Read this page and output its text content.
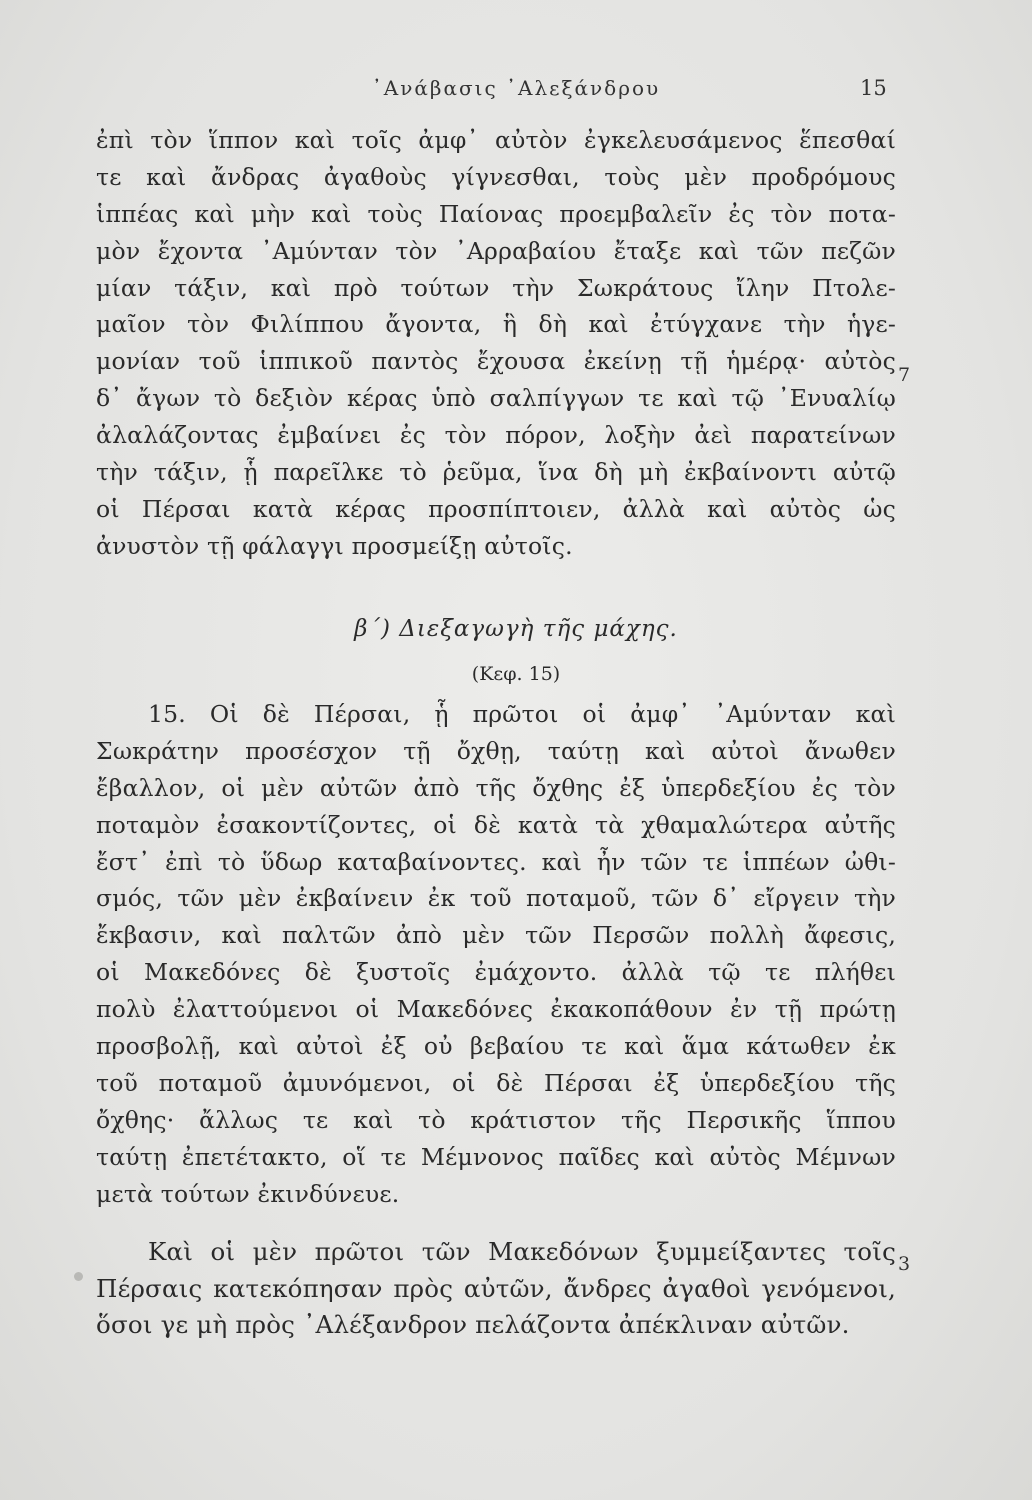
᾿Ανάβασις ᾿Αλεξάνδρου	15
ἐπὶ τὸν ἵππον καὶ τοῖς ἀμφ᾿ αὐτὸν ἐγκελευσάμενος ἕπεσθαί
τε καὶ ἄνδρας ἀγαθοὺς γίγνεσθαι, τοὺς μὲν προδρόμους
ἱππέας καὶ μὴν καὶ τοὺς Παίονας προεμβαλεῖν ἐς τὸν ποτα-
μὸν ἔχοντα ᾿Αμύνταν τὸν ᾿Αρραβαίου ἔταξε καὶ τῶν πεζῶν
μίαν τάξιν, καὶ πρὸ τούτων τὴν Σωκράτους ἴλην Πτολε-
μαῖον τὸν Φιλίππου ἄγοντα, ἣ δὴ καὶ ἐτύγχανε τὴν ἡγε-
μονίαν τοῦ ἱππικοῦ παντὸς ἔχουσα ἐκείνῃ τῇ ἡμέρᾳ· αὐτὸς
δ᾿ ἄγων τὸ δεξιὸν κέρας ὑπὸ σαλπίγγων τε καὶ τῷ ᾿Ενυαλίῳ
ἀλαλάζοντας ἐμβαίνει ἐς τὸν πόρον, λοξὴν ἀεὶ παρατείνων
τὴν τάξιν, ᾗ παρεῖλκε τὸ ῥεῦμα, ἵνα δὴ μὴ ἐκβαίνοντι αὐτῷ
οἱ Πέρσαι κατὰ κέρας προσπίπτοιεν, ἀλλὰ καὶ αὐτὸς ὡς
ἀνυστὸν τῇ φάλαγγι προσμείξῃ αὐτοῖς.
7
β΄) Διεξαγωγὴ τῆς μάχης.
(Κεφ. 15)
15. Οἱ δὲ Πέρσαι, ᾗ πρῶτοι οἱ ἀμφ᾿ ᾿Αμύνταν καὶ
Σωκράτην προσέσχον τῇ ὄχθῃ, ταύτῃ καὶ αὐτοὶ ἄνωθεν
ἔβαλλον, οἱ μὲν αὐτῶν ἀπὸ τῆς ὄχθης ἐξ ὑπερδεξίου ἐς τὸν
ποταμὸν ἐσακοντίζοντες, οἱ δὲ κατὰ τὰ χθαμαλώτερα αὐτῆς
ἔστ᾿ ἐπὶ τὸ ὕδωρ καταβαίνοντες. καὶ ἦν τῶν τε ἱππέων ὠθι-
σμός, τῶν μὲν ἐκβαίνειν ἐκ τοῦ ποταμοῦ, τῶν δ᾿ εἴργειν τὴν
ἔκβασιν, καὶ παλτῶν ἀπὸ μὲν τῶν Περσῶν πολλὴ ἄφεσις,
οἱ Μακεδόνες δὲ ξυστοῖς ἐμάχοντο. ἀλλὰ τῷ τε πλήθει
πολὺ ἐλαττούμενοι οἱ Μακεδόνες ἐκακοπάθουν ἐν τῇ πρώτῃ
προσβολῇ, καὶ αὐτοὶ ἐξ οὐ βεβαίου τε καὶ ἅμα κάτωθεν ἐκ
τοῦ ποταμοῦ ἀμυνόμενοι, οἱ δὲ Πέρσαι ἐξ ὑπερδεξίου τῆς
ὄχθης· ἄλλως τε καὶ τὸ κράτιστον τῆς Περσικῆς ἵππου
ταύτῃ ἐπετέτακτο, οἵ τε Μέμνονος παῖδες καὶ αὐτὸς Μέμνων
μετὰ τούτων ἐκινδύνευε.
Καὶ οἱ μὲν πρῶτοι τῶν Μακεδόνων ξυμμείξαντες τοῖς
Πέρσαις κατεκόπησαν πρὸς αὐτῶν, ἄνδρες ἀγαθοὶ γενόμενοι,
ὅσοι γε μὴ πρὸς ᾿Αλέξανδρον πελάζοντα ἀπέκλιναν αὐτῶν.
3
